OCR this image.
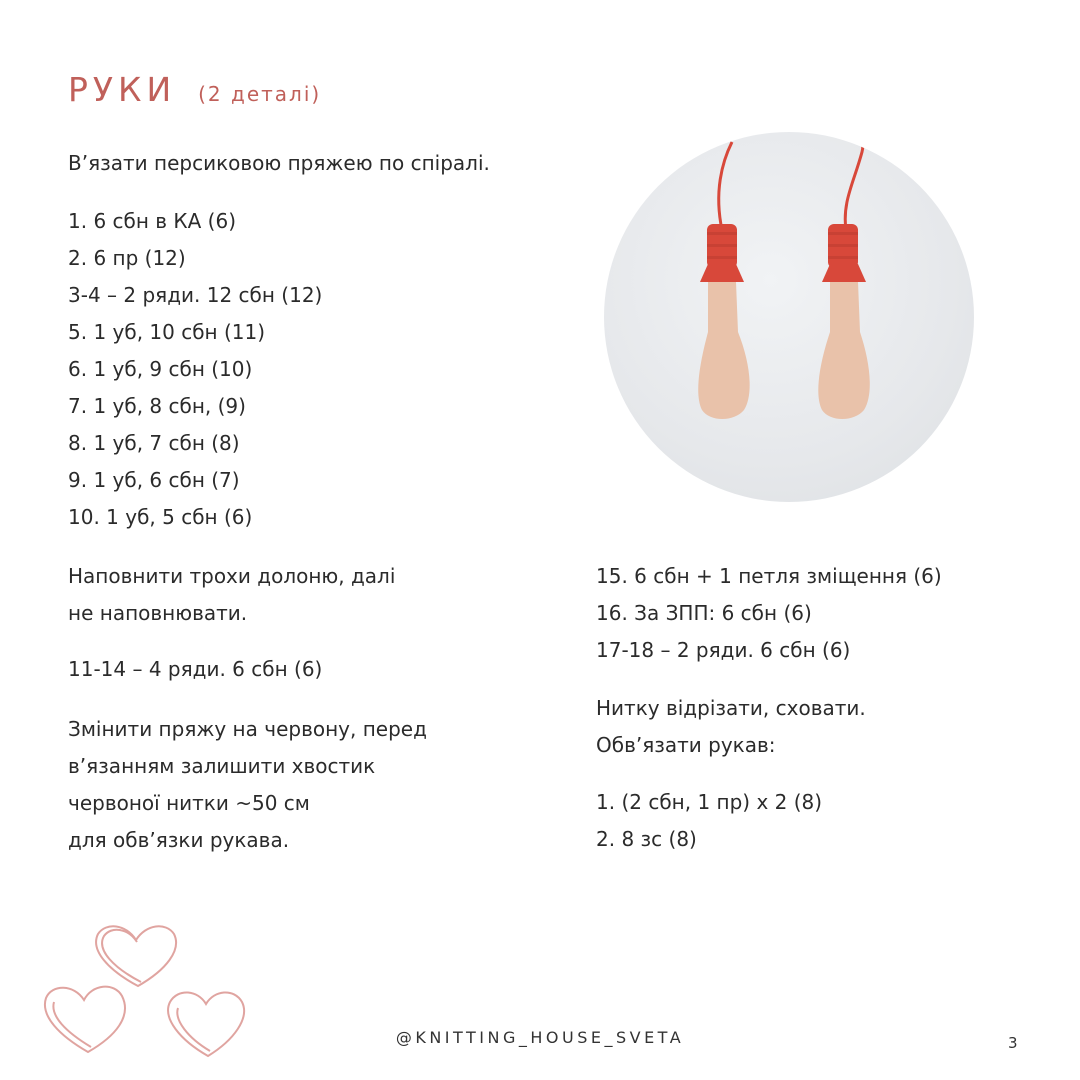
РУКИ (2 деталі)
В’язати персиковою пряжею по спіралі.
1. 6 сбн в КА (6)
2. 6 пр (12)
3-4 – 2 ряди. 12 сбн (12)
5. 1 уб, 10 сбн (11)
6. 1 уб, 9 сбн (10)
7. 1 уб, 8 сбн, (9)
8. 1 уб, 7 сбн (8)
9. 1 уб, 6 сбн (7)
10. 1 уб, 5 сбн (6)
Наповнити трохи долоню, далі
не наповнювати.
11-14 – 4 ряди. 6 сбн (6)
Змінити пряжу на червону, перед
в’язанням залишити хвостик
червоної нитки ~50 см
для обв’язки рукава.
15. 6 сбн + 1 петля зміщення (6)
16. За ЗПП: 6 сбн (6)
17-18 – 2 ряди. 6 сбн (6)
Нитку відрізати, сховати.
Обв’язати рукав:
1. (2 сбн, 1 пр) х 2 (8)
2. 8 зс (8)
@KNITTING_HOUSE_SVETA	3
